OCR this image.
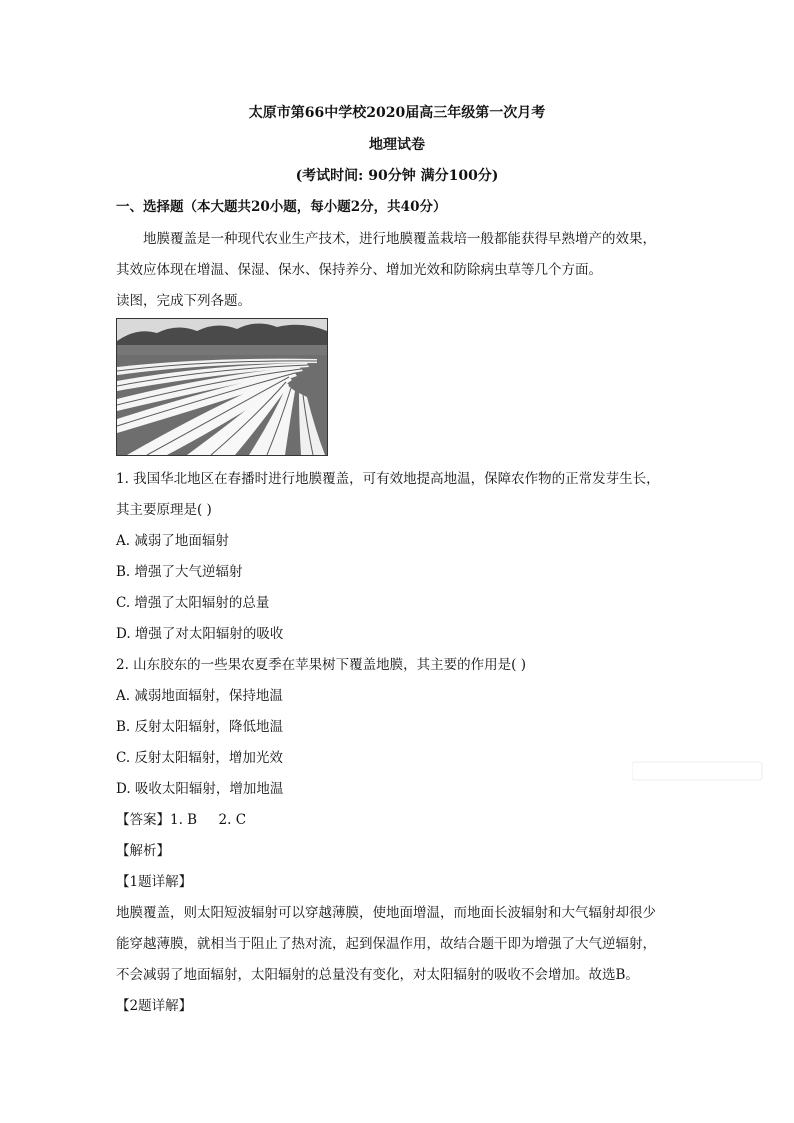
太原市第66中学校2020届高三年级第一次月考
地理试卷
(考试时间: 90分钟 满分100分)
一、选择题（本大题共20小题，每小题2分，共40分）
地膜覆盖是一种现代农业生产技术，进行地膜覆盖栽培一般都能获得早熟增产的效果，
其效应体现在增温、保湿、保水、保持养分、增加光效和防除病虫草等几个方面。
读图，完成下列各题。
1. 我国华北地区在春播时进行地膜覆盖，可有效地提高地温，保障农作物的正常发芽生长，
其主要原理是( )
A. 减弱了地面辐射
B. 增强了大气逆辐射
C. 增强了太阳辐射的总量
D. 增强了对太阳辐射的吸收
2. 山东胶东的一些果农夏季在苹果树下覆盖地膜，其主要的作用是( )
A. 减弱地面辐射，保持地温
B. 反射太阳辐射，降低地温
C. 反射太阳辐射，增加光效
D. 吸收太阳辐射，增加地温
【答案】1. B     2. C
【解析】
【1题详解】
地膜覆盖，则太阳短波辐射可以穿越薄膜，使地面增温，而地面长波辐射和大气辐射却很少
能穿越薄膜，就相当于阻止了热对流，起到保温作用，故结合题干即为增强了大气逆辐射，
不会减弱了地面辐射，太阳辐射的总量没有变化，对太阳辐射的吸收不会增加。故选B。
【2题详解】
